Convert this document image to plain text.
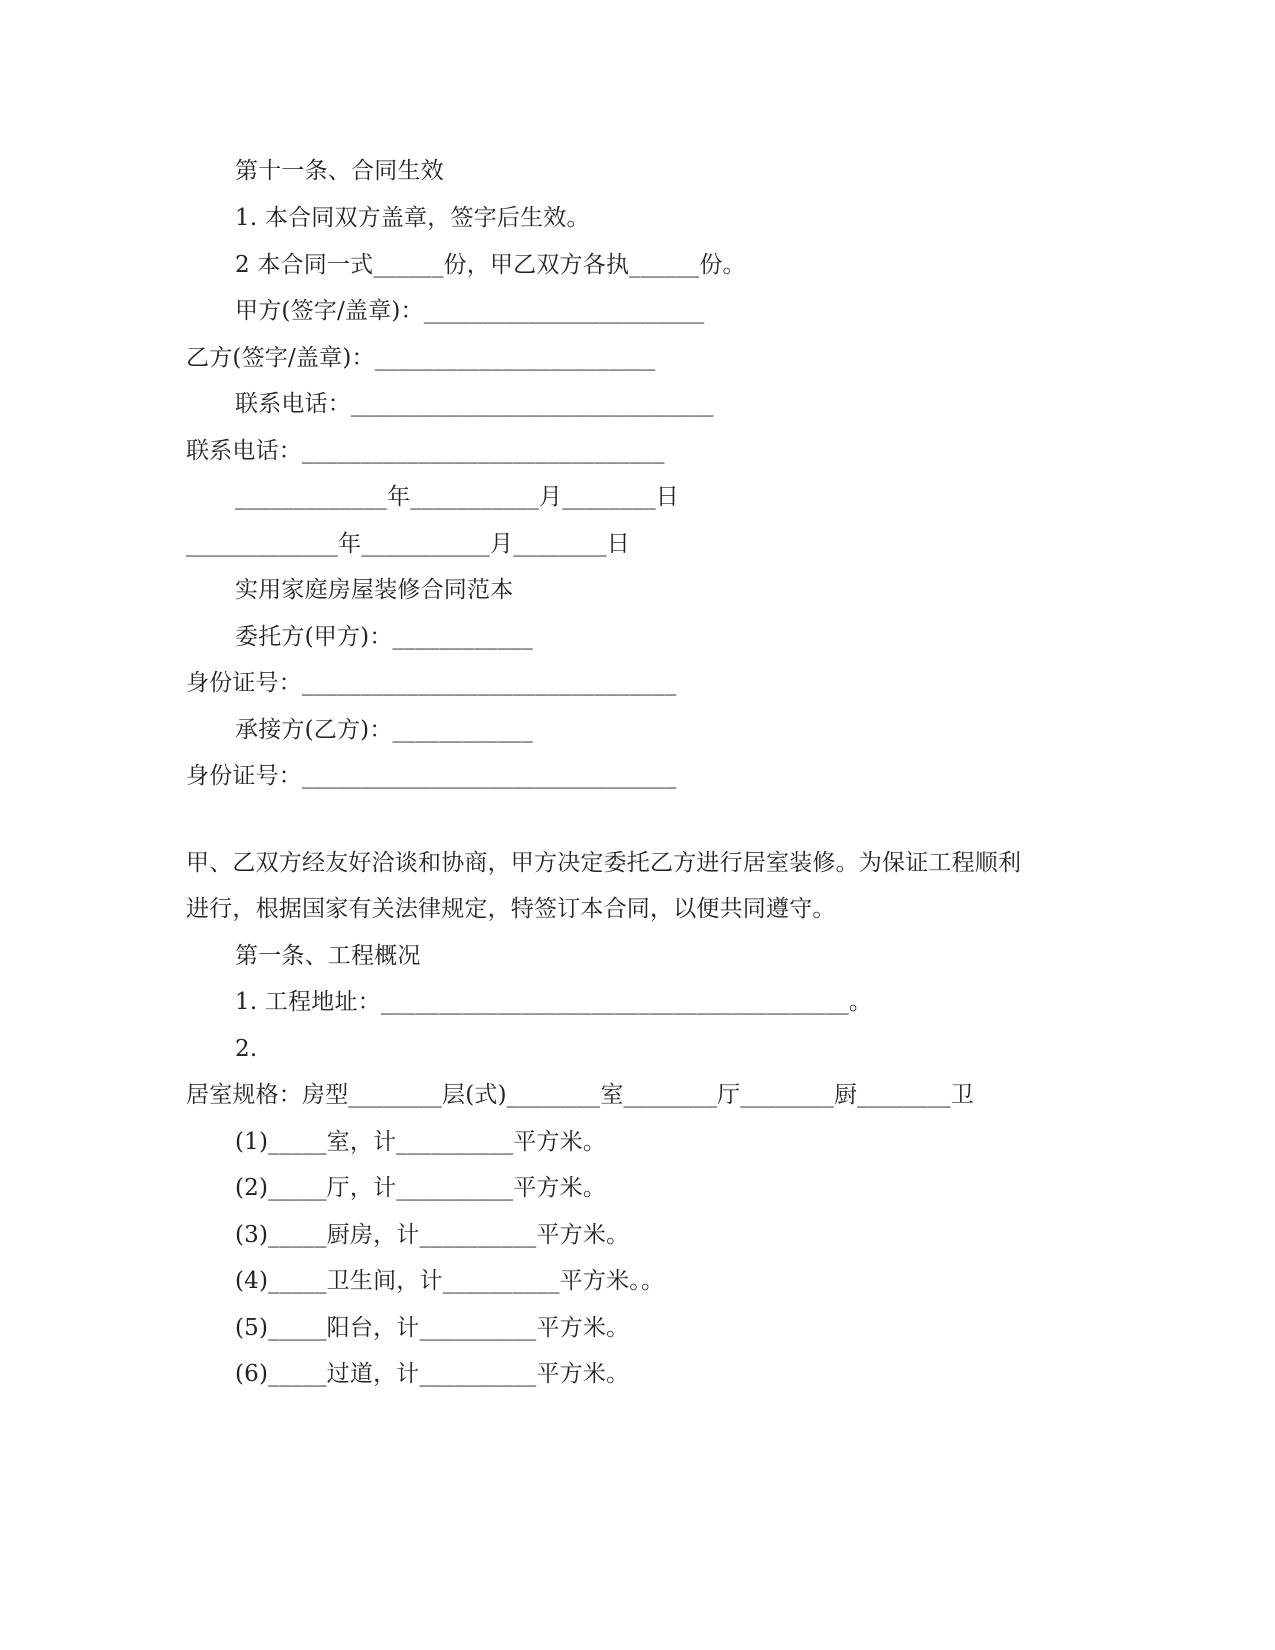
第十一条、合同生效
1. 本合同双方盖章，签字后生效。
2 本合同一式______份，甲乙双方各执______份。
甲方(签字/盖章)：________________________
乙方(签字/盖章)：________________________
联系电话：_______________________________
联系电话：_______________________________
_____________年___________月________日
_____________年___________月________日
实用家庭房屋装修合同范本
委托方(甲方)：____________
身份证号：________________________________
承接方(乙方)：____________
身份证号：________________________________
甲、乙双方经友好洽谈和协商，甲方决定委托乙方进行居室装修。为保证工程顺利
进行，根据国家有关法律规定，特签订本合同，以便共同遵守。
第一条、工程概况
1. 工程地址：________________________________________。
2.
居室规格：房型________层(式)________室________厅________厨________卫
(1)_____室，计__________平方米。
(2)_____厅，计__________平方米。
(3)_____厨房，计__________平方米。
(4)_____卫生间，计__________平方米。。
(5)_____阳台，计__________平方米。
(6)_____过道，计__________平方米。
